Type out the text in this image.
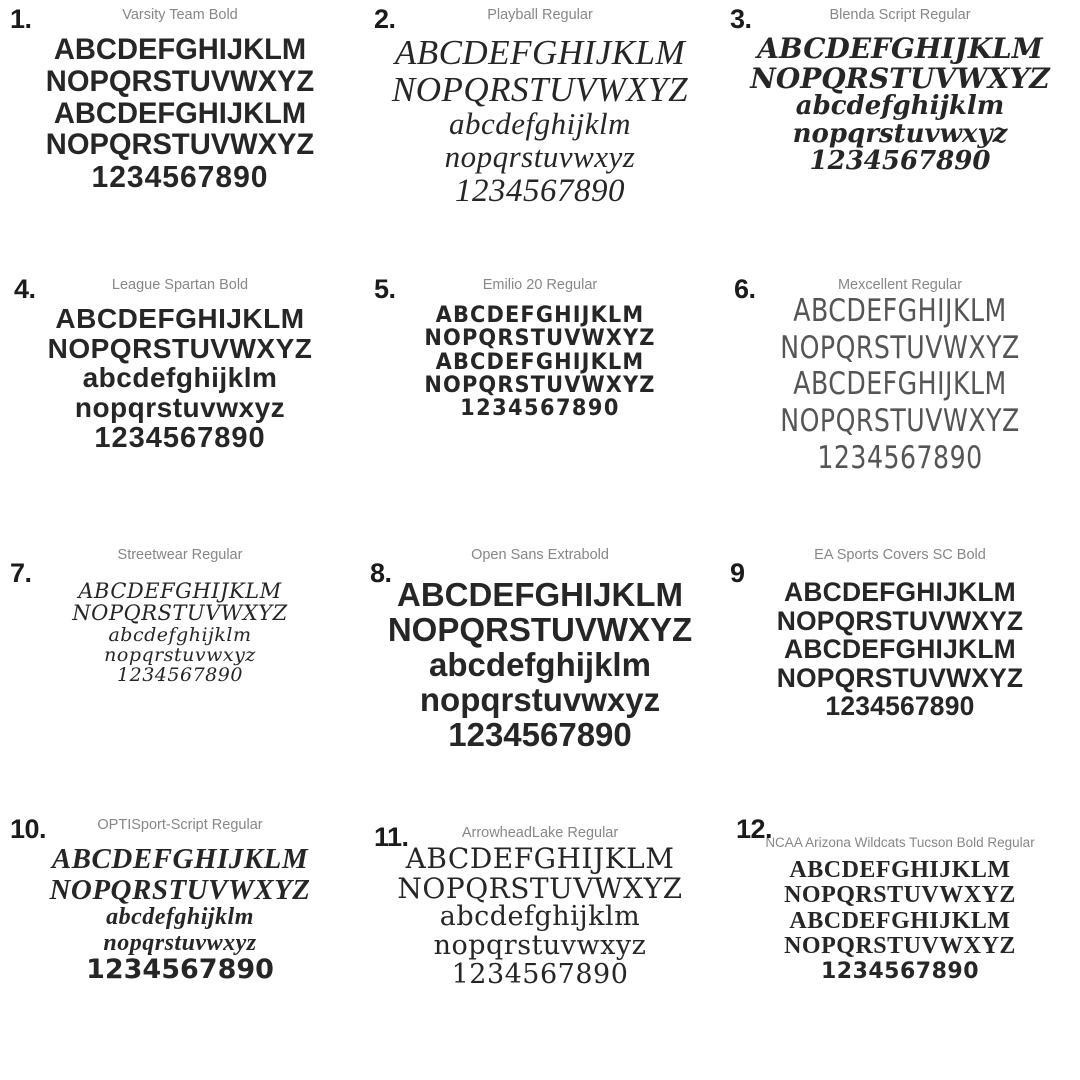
1.	Varsity Team Bold
ABCDEFGHIJKLM
NOPQRSTUVWXYZ
ABCDEFGHIJKLM
NOPQRSTUVWXYZ
1234567890
2.	Playball Regular
ABCDEFGHIJKLM
NOPQRSTUVWXYZ
abcdefghijklm
nopqrstuvwxyz
1234567890
3.	Blenda Script Regular
ABCDEFGHIJKLM
NOPQRSTUVWXYZ
abcdefghijklm
nopqrstuvwxyz
1234567890
4.	League Spartan Bold
ABCDEFGHIJKLM
NOPQRSTUVWXYZ
abcdefghijklm
nopqrstuvwxyz
1234567890
5.	Emilio 20 Regular
ABCDEFGHIJKLM
NOPQRSTUVWXYZ
ABCDEFGHIJKLM
NOPQRSTUVWXYZ
1234567890
6.	Mexcellent Regular
ABCDEFGHIJKLM
NOPQRSTUVWXYZ
ABCDEFGHIJKLM
NOPQRSTUVWXYZ
1234567890
7.
Streetwear Regular
ABCDEFGHIJKLM
NOPQRSTUVWXYZ
abcdefghijklm
nopqrstuvwxyz
1234567890
8.
Open Sans Extrabold
ABCDEFGHIJKLM
NOPQRSTUVWXYZ
abcdefghijklm
nopqrstuvwxyz
1234567890
9
EA Sports Covers SC Bold
ABCDEFGHIJKLM
NOPQRSTUVWXYZ
ABCDEFGHIJKLM
NOPQRSTUVWXYZ
1234567890
10.	OPTISport-Script Regular
ABCDEFGHIJKLM
NOPQRSTUVWXYZ
abcdefghijklm
nopqrstuvwxyz
1234567890
11.	ArrowheadLake Regular
ABCDEFGHIJKLM
NOPQRSTUVWXYZ
abcdefghijklm
nopqrstuvwxyz
1234567890
12.
NCAA Arizona Wildcats Tucson Bold Regular
ABCDEFGHIJKLM
NOPQRSTUVWXYZ
ABCDEFGHIJKLM
NOPQRSTUVWXYZ
1234567890
